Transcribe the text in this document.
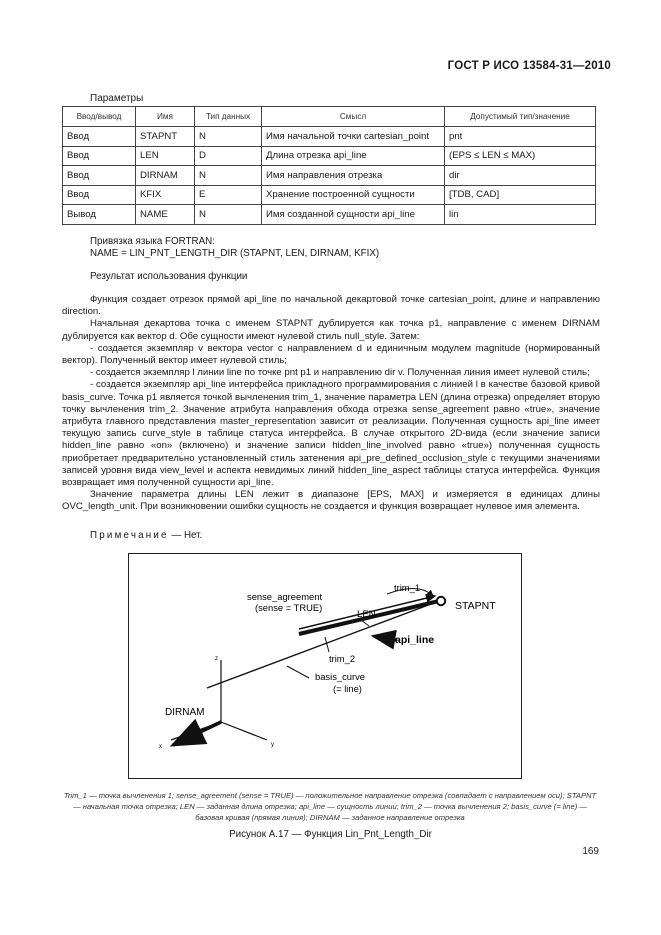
ГОСТ Р ИСО 13584-31—2010
Параметры
Ввод/вывод	Имя	Тип данных	Смысл	Допустимый тип/значение
Ввод	STAPNT	N	Имя начальной точки cartesian_point	pnt
Ввод	LEN	D	Длина отрезка api_line	(EPS ≤ LEN ≤ MAX)
Ввод	DIRNAM	N	Имя направления отрезка	dir
Ввод	KFIX	E	Хранение построенной сущности	[TDB, CAD]
Вывод	NAME	N	Имя созданной сущности api_line	lin
Привязка языка FORTRAN:
NAME = LIN_PNT_LENGTH_DIR (STAPNT, LEN, DIRNAM, KFIX)
Результат использования функции

Функция создает отрезок прямой api_line по начальной декартовой точке cartesian_point, длине и направлению direction.

Начальная декартова точка с именем STAPNT дублируется как точка p1, направление с именем DIRNAM дублируется как вектор d. Обе сущности имеют нулевой стиль null_style. Затем:

- создается экземпляр v вектора vector с направлением d и единичным модулем magnitude (нормированный вектор). Полученный вектор имеет нулевой стиль;

- создается экземпляр l линии line по точке pnt p1 и направлению dir v. Полученная линия имеет нулевой стиль;

- создается экземпляр api_line интерфейса прикладного программирования с линией l в качестве базовой кривой basis_curve. Точка p1 является точкой вычленения trim_1, значение параметра LEN (длина отрезка) определяет вторую точку вычленения trim_2. Значение атрибута направления обхода отрезка sense_agreement равно «true», значение атрибута главного представления master_representation зависит от реализации. Полученная сущность api_line имеет текущую запись curve_style в таблице статуса интерфейса. В случае открытого 2D-вида (если значение записи hidden_line равно «on» (включено) и значение записи hidden_line_involved равно «true») полученная сущность приобретает предварительно установленный стиль затенения api_pre_defined_occlusion_style с текущими значениями записей уровня вида view_level и аспекта невидимых линий hidden_line_aspect таблицы статуса интерфейса. Функция возвращает имя полученной сущности api_line.

Значение параметра длины LEN лежит в диапазоне [EPS, MAX] и измеряется в единицах длины OVC_length_unit. При возникновении ошибки сущность не создается и функция возвращает нулевое имя элемента.

Примечание — Нет.
sense_agreement
(sense = TRUE)
trim_1
LEN
STAPNT
api_line
trim_2
basis_curve
(= line)
DIRNAM
z
x	y
Trim_1 — точка вычленения 1; sense_agreement (sense = TRUE) — положительное направление отрезка (совпадает с направлением оси); STAPNT — начальная точка отрезка; LEN — заданная длина отрезка; api_line — сущность линии; trim_2 — точка вычленения 2; basis_curve (= line) — базовая кривая (прямая линия); DIRNAM — заданное направление отрезка
Рисунок А.17 — Функция Lin_Pnt_Length_Dir
169
